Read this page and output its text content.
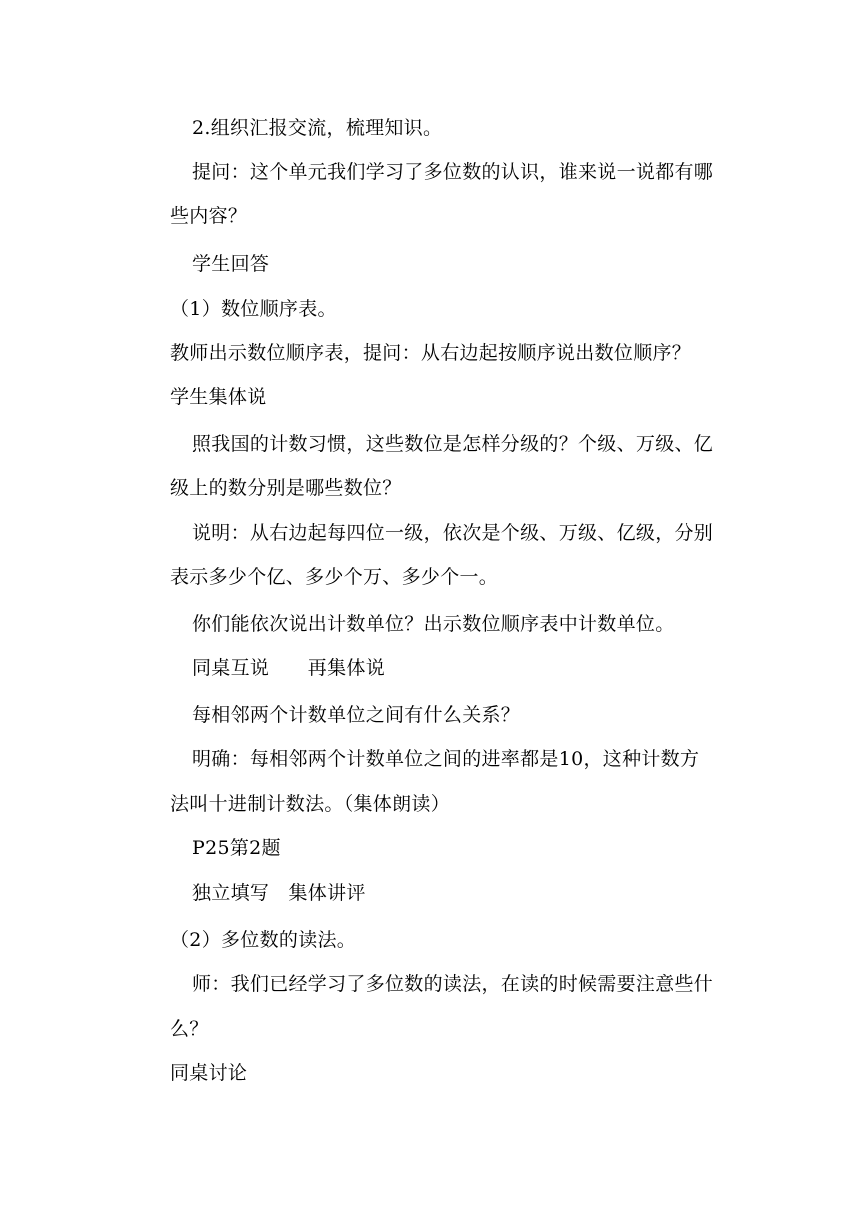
2.组织汇报交流，梳理知识。
提问：这个单元我们学习了多位数的认识，谁来说一说都有哪
些内容？
学生回答
（1）数位顺序表。
教师出示数位顺序表，提问：从右边起按顺序说出数位顺序？
学生集体说
照我国的计数习惯，这些数位是怎样分级的？个级、万级、亿
级上的数分别是哪些数位？
说明：从右边起每四位一级，依次是个级、万级、亿级，分别
表示多少个亿、多少个万、多少个一。
你们能依次说出计数单位？出示数位顺序表中计数单位。
同桌互说　　再集体说
每相邻两个计数单位之间有什么关系？
明确：每相邻两个计数单位之间的进率都是10，这种计数方
法叫十进制计数法。（集体朗读）
P25第2题
独立填写　集体讲评
（2）多位数的读法。
师：我们已经学习了多位数的读法，在读的时候需要注意些什
么？
同桌讨论
